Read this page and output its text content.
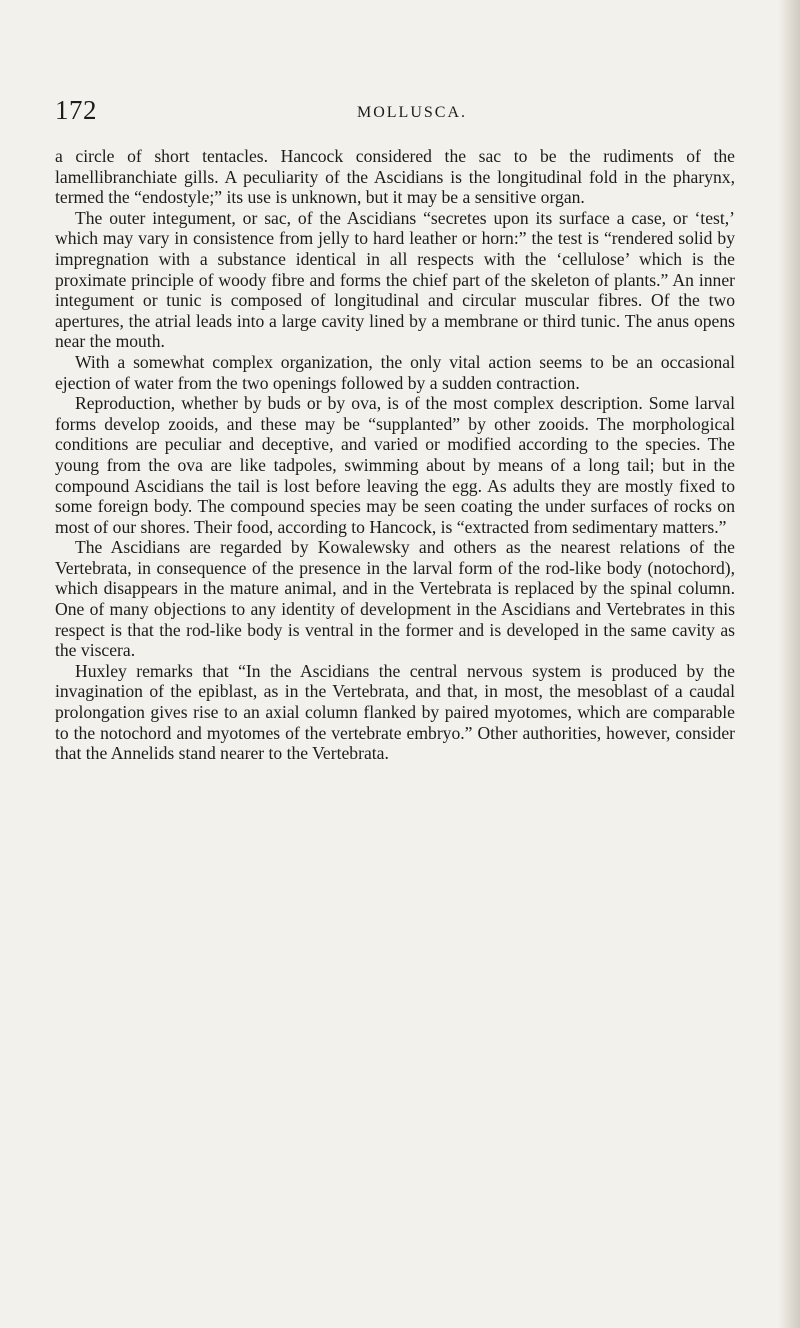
172	MOLLUSCA.

a circle of short tentacles. Hancock considered the sac to be the rudiments of the lamellibranchiate gills. A peculiarity of the Ascidians is the longitudinal fold in the pharynx, termed the “endostyle;” its use is unknown, but it may be a sensitive organ.

The outer integument, or sac, of the Ascidians “secretes upon its surface a case, or ‘test,’ which may vary in consistence from jelly to hard leather or horn:” the test is “rendered solid by impregnation with a substance identical in all respects with the ‘cellulose’ which is the proximate principle of woody fibre and forms the chief part of the skeleton of plants.” An inner integument or tunic is composed of longitudinal and circular muscular fibres. Of the two apertures, the atrial leads into a large cavity lined by a membrane or third tunic. The anus opens near the mouth.

With a somewhat complex organization, the only vital action seems to be an occasional ejection of water from the two openings followed by a sudden contraction.

Reproduction, whether by buds or by ova, is of the most complex description. Some larval forms develop zooids, and these may be “supplanted” by other zooids. The morphological conditions are peculiar and deceptive, and varied or modified according to the species. The young from the ova are like tadpoles, swimming about by means of a long tail; but in the compound Ascidians the tail is lost before leaving the egg. As adults they are mostly fixed to some foreign body. The compound species may be seen coating the under surfaces of rocks on most of our shores. Their food, according to Hancock, is “extracted from sedimentary matters.”

The Ascidians are regarded by Kowalewsky and others as the nearest relations of the Vertebrata, in consequence of the presence in the larval form of the rod-like body (notochord), which disappears in the mature animal, and in the Vertebrata is replaced by the spinal column. One of many objections to any identity of development in the Ascidians and Vertebrates in this respect is that the rod-like body is ventral in the former and is developed in the same cavity as the viscera.

Huxley remarks that “In the Ascidians the central nervous system is produced by the invagination of the epiblast, as in the Vertebrata, and that, in most, the mesoblast of a caudal prolongation gives rise to an axial column flanked by paired myotomes, which are comparable to the notochord and myotomes of the vertebrate embryo.” Other authorities, however, consider that the Annelids stand nearer to the Vertebrata.
